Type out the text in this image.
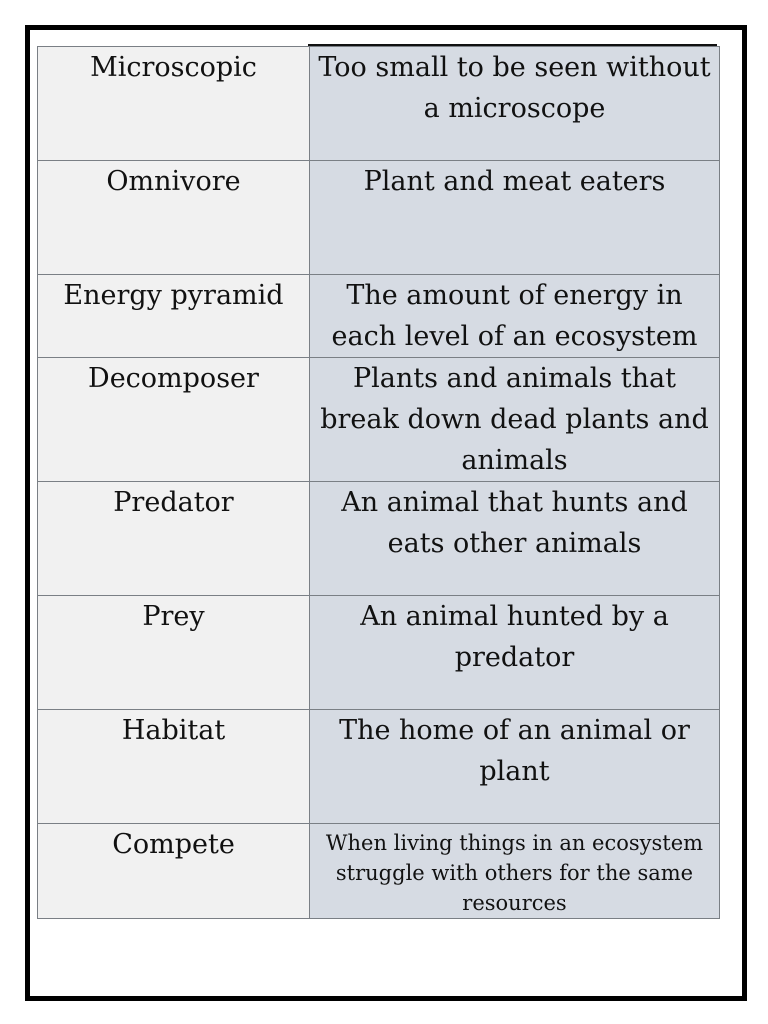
Microscopic	Too small to be seen without a microscope
Omnivore	Plant and meat eaters
Energy pyramid	The amount of energy in each level of an ecosystem
Decomposer	Plants and animals that break down dead plants and animals
Predator	An animal that hunts and eats other animals
Prey	An animal hunted by a predator
Habitat	The home of an animal or plant
Compete	When living things in an ecosystem struggle with others for the same resources
